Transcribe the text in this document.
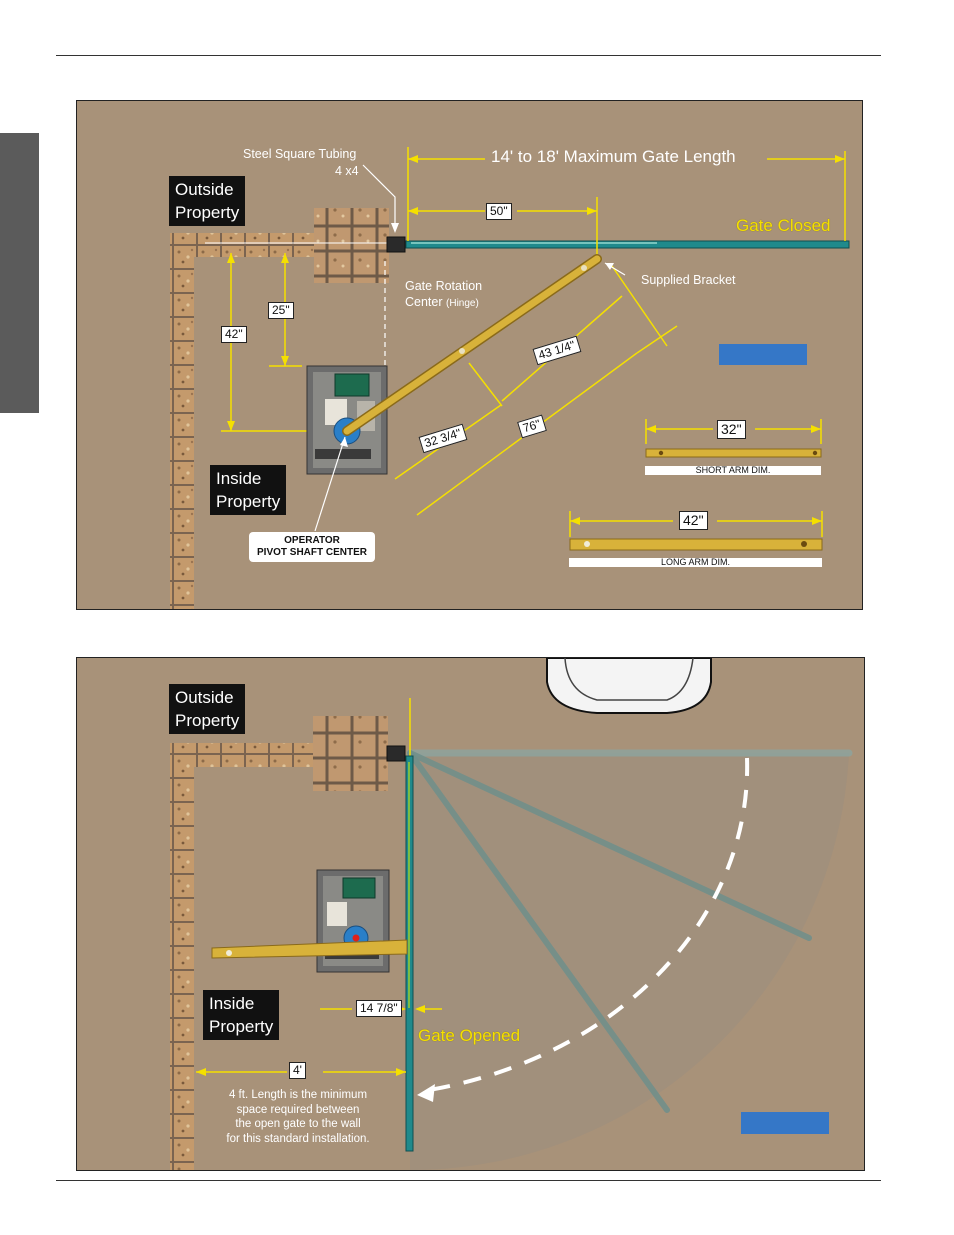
Steel Square Tubing
4 x4
Outside
Property
14' to 18' Maximum Gate Length
Gate Closed
50"
25"
42"
43 1/4"
32 3/4"	76"
Gate Rotation
Center (Hinge)
Supplied Bracket
Inside
Property
OPERATOR
PIVOT SHAFT CENTER
32"
SHORT ARM DIM.
42"
LONG ARM DIM.
Outside
Property
Inside
Property
14 7/8"
Gate Opened
4'
4 ft. Length is the minimum
space required between
the open gate to the wall
for this standard installation.
